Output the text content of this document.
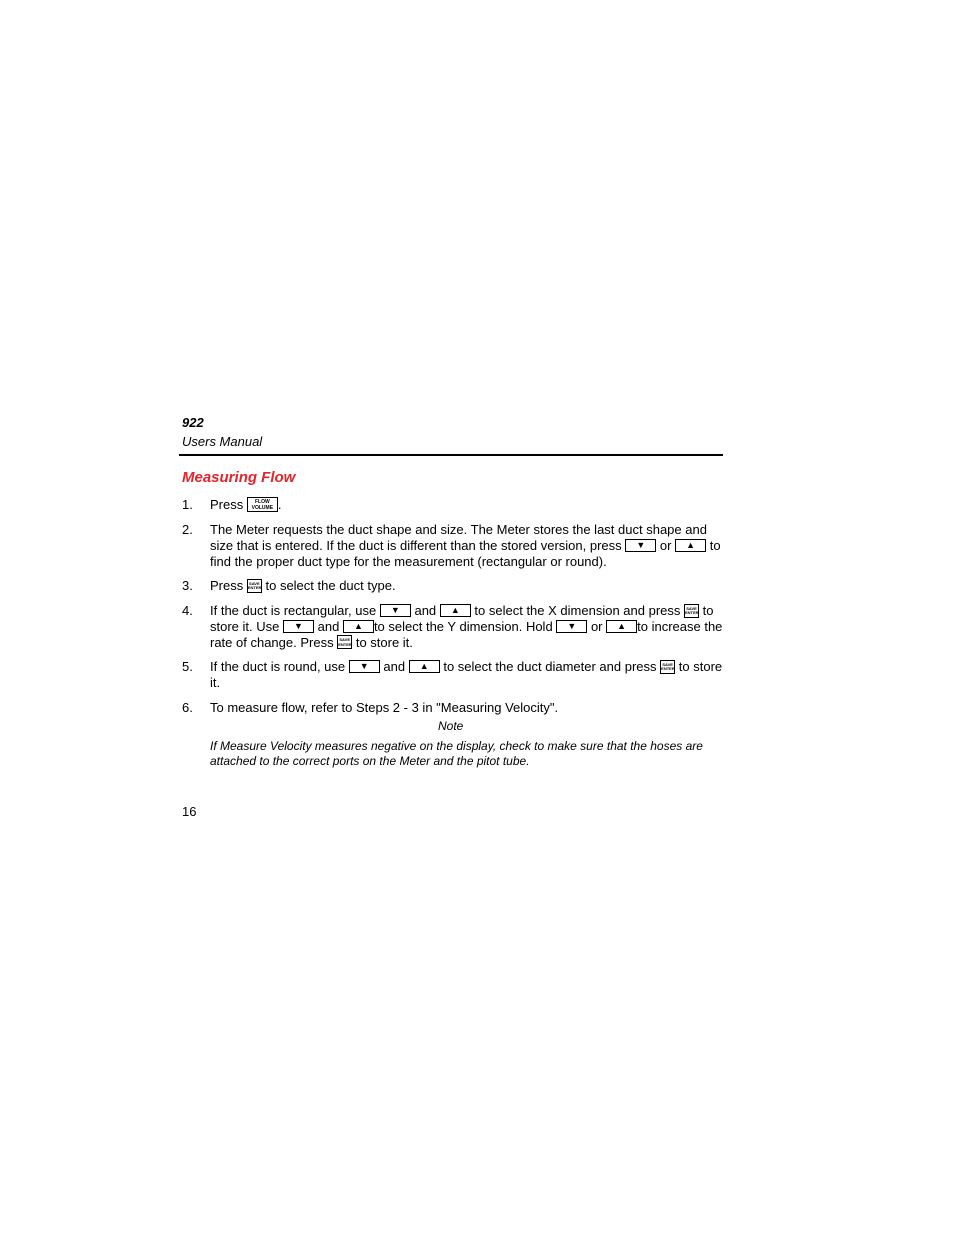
922
Users Manual
Measuring Flow
1. Press FLOW
VOLUME .
2. The Meter requests the duct shape and size. The Meter stores the last duct shape and size that is entered. If the duct is different than the stored version, press ▼ or ▲ to find the proper duct type for the measurement (rectangular or round).
3. Press SAVE
ENTER to select the duct type.
4. If the duct is rectangular, use ▼ and ▲ to select the X dimension and press SAVE
ENTER to store it. Use ▼ and ▲ to select the Y dimension. Hold ▼ or ▲ to increase the rate of change. Press SAVE
ENTER to store it.
5. If the duct is round, use ▼ and ▲ to select the duct diameter and press SAVE
ENTER to store it.
6. To measure flow, refer to Steps 2 - 3 in "Measuring Velocity".
Note
If Measure Velocity measures negative on the display, check to make sure that the hoses are attached to the correct ports on the Meter and the pitot tube.
16
